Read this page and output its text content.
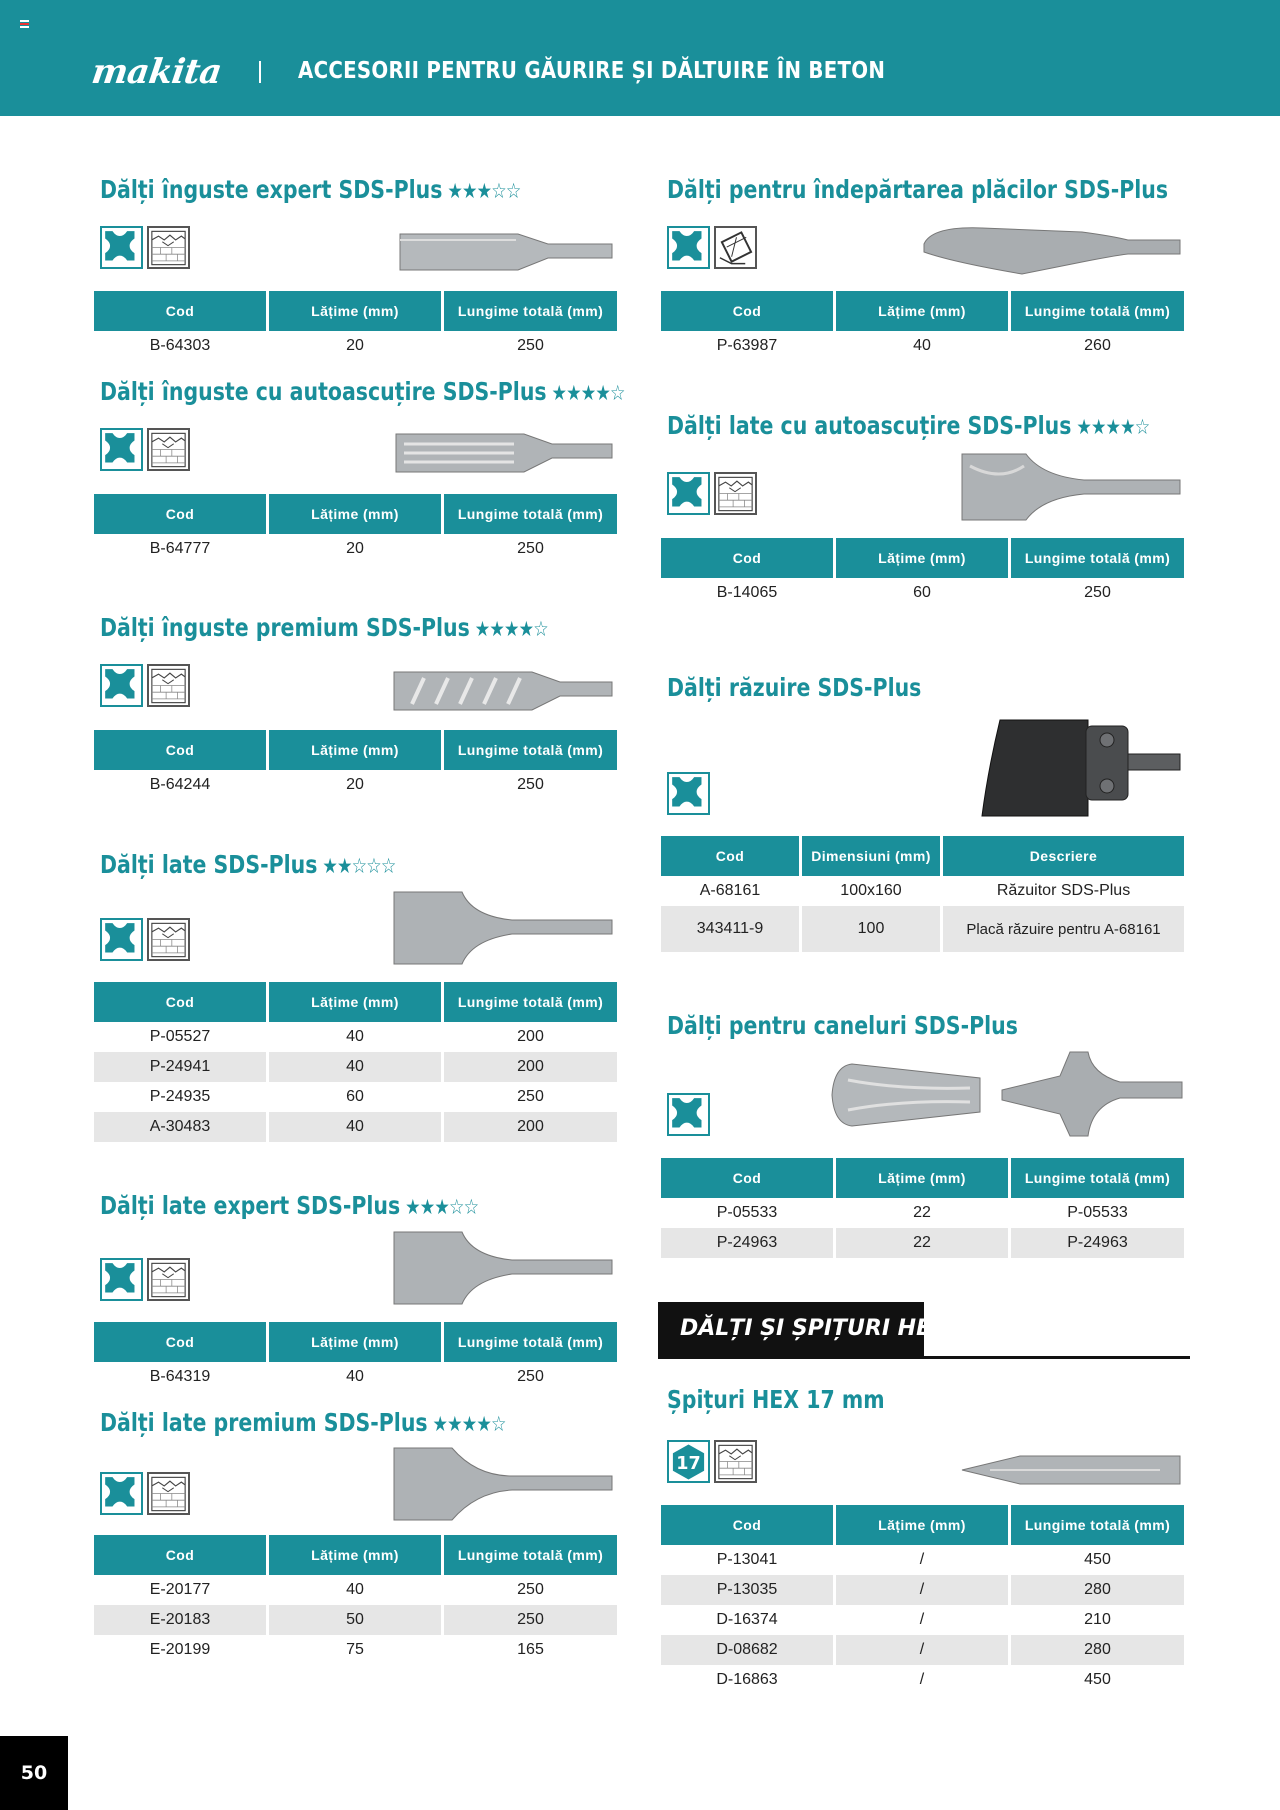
makita	ACCESORII PENTRU GĂURIRE ȘI DĂLTUIRE ÎN BETON
Dălți înguste expert SDS-Plus ★★★☆☆
Cod	Lățime (mm)	Lungime totală (mm)
B-64303	20	250
Dălți înguste cu autoascuțire SDS-Plus ★★★★☆
Cod	Lățime (mm)	Lungime totală (mm)
B-64777	20	250
Dălți înguste premium SDS-Plus ★★★★☆
Cod	Lățime (mm)	Lungime totală (mm)
B-64244	20	250
Dălți late SDS-Plus ★★☆☆☆
Cod	Lățime (mm)	Lungime totală (mm)
P-05527	40	200
P-24941	40	200
P-24935	60	250
A-30483	40	200
Dălți late expert SDS-Plus ★★★☆☆
Cod	Lățime (mm)	Lungime totală (mm)
B-64319	40	250
Dălți late premium SDS-Plus ★★★★☆
Cod	Lățime (mm)	Lungime totală (mm)
E-20177	40	250
E-20183	50	250
E-20199	75	165
Dălți pentru îndepărtarea plăcilor SDS-Plus
Cod	Lățime (mm)	Lungime totală (mm)
P-63987	40	260
Dălți late cu autoascuțire SDS-Plus ★★★★☆
Cod	Lățime (mm)	Lungime totală (mm)
B-14065	60	250
Dălți răzuire SDS-Plus
Cod	Dimensiuni (mm)	Descriere
A-68161	100x160	Răzuitor SDS-Plus
343411-9	100	Placă răzuire pentru A-68161
Dălți pentru caneluri SDS-Plus
Cod	Lățime (mm)	Lungime totală (mm)
P-05533	22	P-05533
P-24963	22	P-24963
DĂLȚI ȘI ȘPIȚURI HEX
Șpițuri HEX 17 mm
17
Cod	Lățime (mm)	Lungime totală (mm)
P-13041	/	450
P-13035	/	280
D-16374	/	210
D-08682	/	280
D-16863	/	450
50
